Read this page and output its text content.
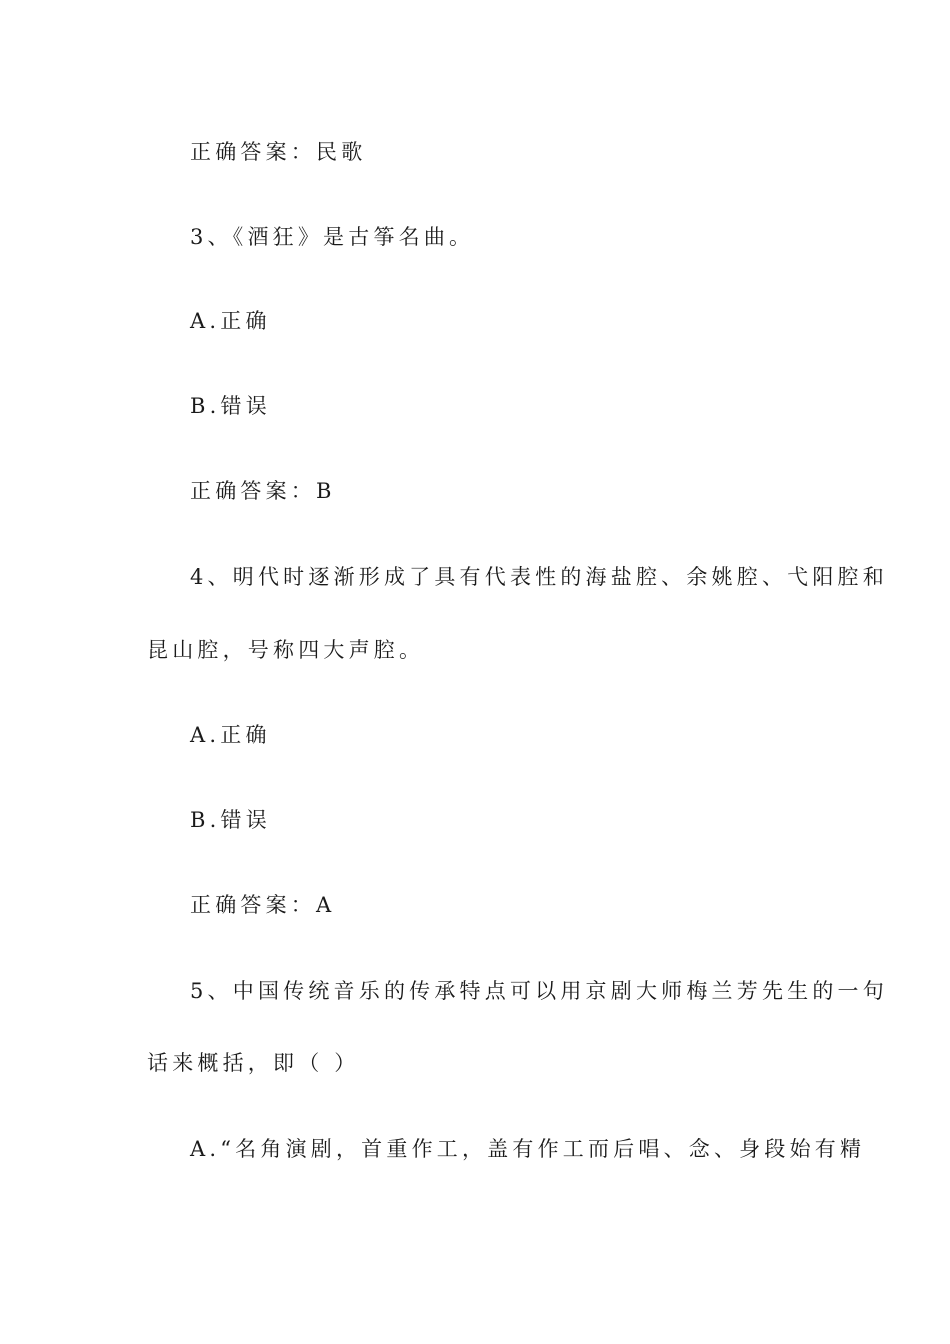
正确答案：民歌
3、《酒狂》是古筝名曲。
A.正确
B.错误
正确答案：B
4、明代时逐渐形成了具有代表性的海盐腔、余姚腔、弋阳腔和
昆山腔，号称四大声腔。
A.正确
B.错误
正确答案：A
5、中国传统音乐的传承特点可以用京剧大师梅兰芳先生的一句
话来概括，即（ ）
A.“名角演剧，首重作工，盖有作工而后唱、念、身段始有精
